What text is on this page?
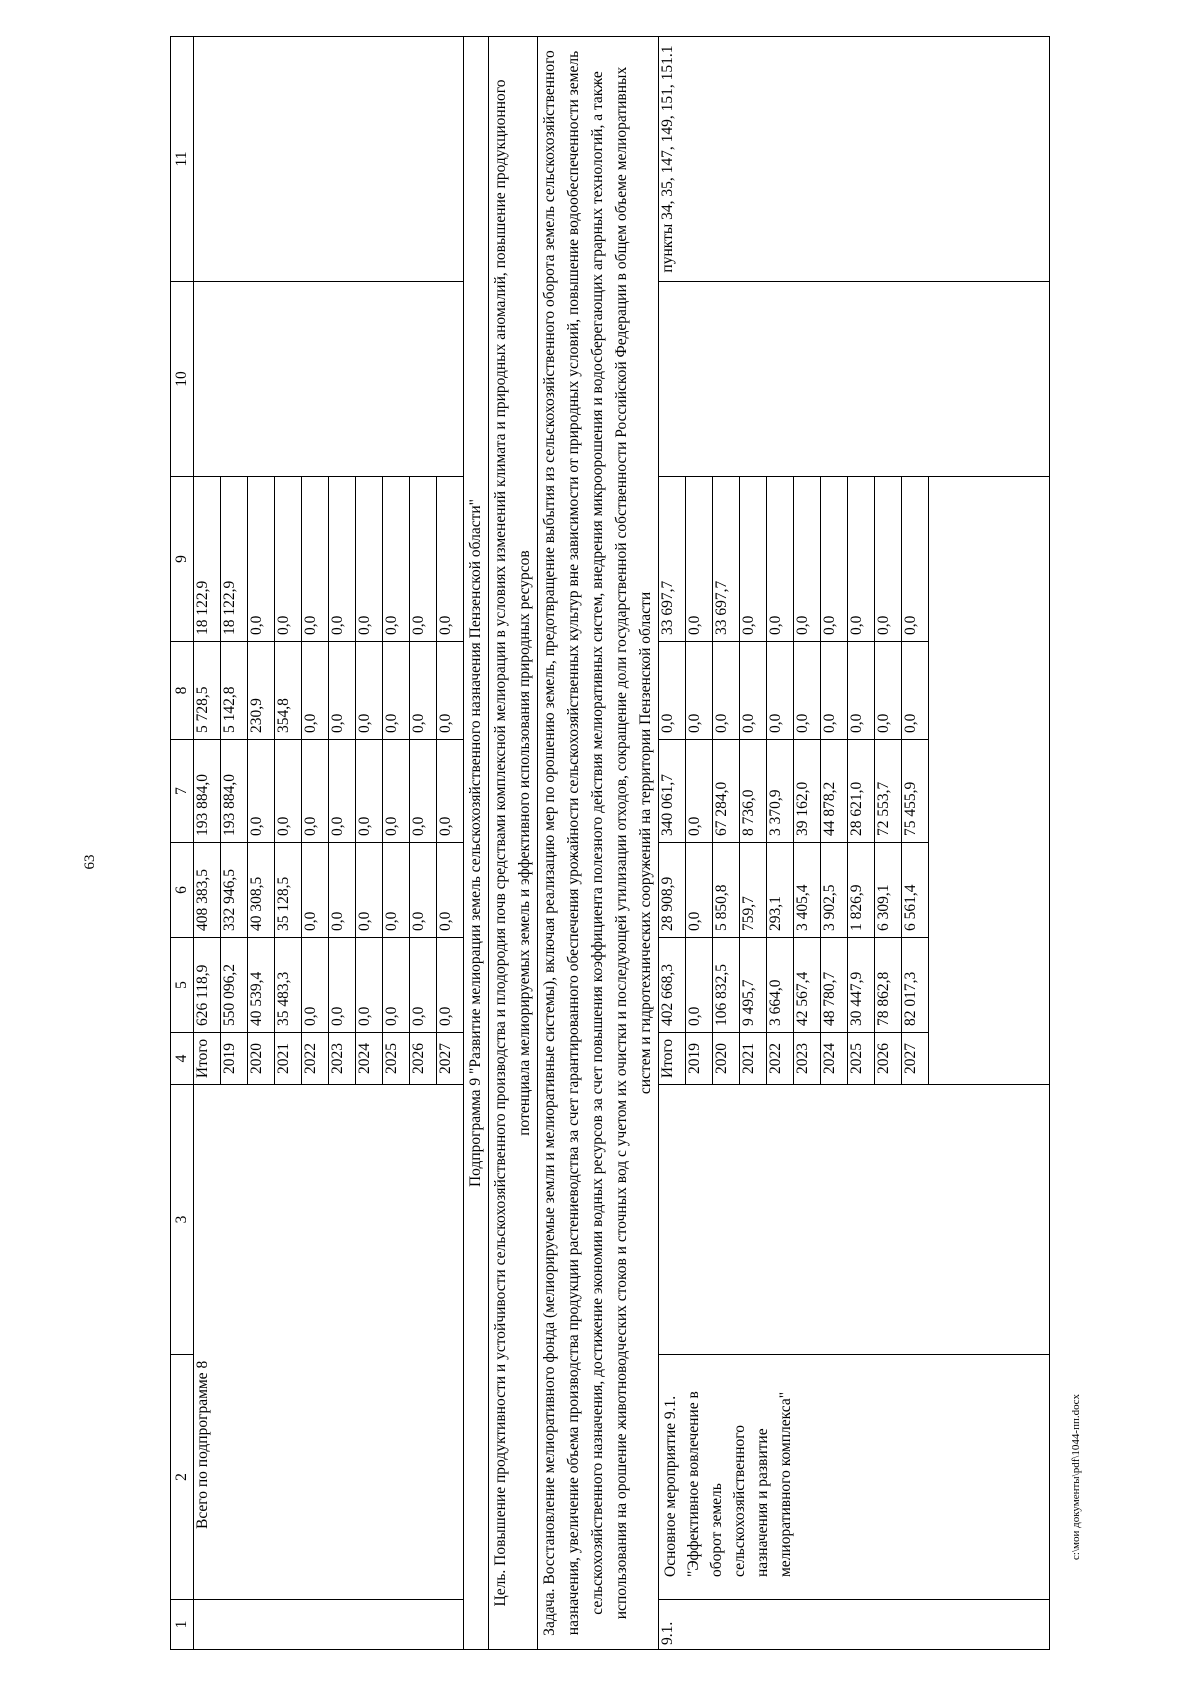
63
1	2	3	4	5	6	7	8	9	10	11
	Всего по подпрограмме 8		Итого	626 118,9	408 383,5	193 884,0	5 728,5	18 122,9		
			2019	550 096,2	332 946,5	193 884,0	5 142,8	18 122,9		
			2020	40 539,4	40 308,5	0,0	230,9	0,0		
			2021	35 483,3	35 128,5	0,0	354,8	0,0		
			2022	0,0	0,0	0,0	0,0	0,0		
			2023	0,0	0,0	0,0	0,0	0,0		
			2024	0,0	0,0	0,0	0,0	0,0		
			2025	0,0	0,0	0,0	0,0	0,0		
			2026	0,0	0,0	0,0	0,0	0,0		
			2027	0,0	0,0	0,0	0,0	0,0		
Подпрограмма 9 "Развитие мелиорации земель сельскохозяйственного назначения Пензенской области"										
Цель. Повышение продуктивности и устойчивости сельскохозяйственного производства и плодородия почв средствами комплексной мелиорации в условиях изменений климата и природных аномалий, повышение продукционного потенциала мелиорируемых земель и эффективного использования природных ресурсов										
Задача. Восстановление мелиоративного фонда (мелиорируемые земли и мелиоративные системы), включая реализацию мер по орошению земель, предотвращение выбытия из сельскохозяйственного оборота земель сельскохозяйственного назначения, увеличение объема производства продукции растениеводства за счет гарантированного обеспечения урожайности сельскохозяйственных культур вне зависимости от природных условий, повышение водообеспеченности земель сельскохозяйственного назначения, достижение экономии водных ресурсов за счет повышения коэффициента полезного действия мелиоративных систем, внедрения микроорошения и водосберегающих аграрных технологий, а также использования на орошение животноводческих стоков и сточных вод с учетом их очистки и последующей утилизации отходов, сокращение доли государственной собственности Российской Федерации в общем объеме мелиоративных систем и гидротехнических сооружений на территории Пензенской области										
9.1.	Основное мероприятие 9.1. "Эффективное вовлечение в оборот земель сельскохозяйственного назначения и развитие мелиоративного комплекса"		Итого	402 668,3	28 908,9	340 061,7	0,0	33 697,7		пункты 34, 35, 147, 149, 151, 151.1
			2019	0,0	0,0	0,0	0,0	0,0		
			2020	106 832,5	5 850,8	67 284,0	0,0	33 697,7		
			2021	9 495,7	759,7	8 736,0	0,0	0,0		
			2022	3 664,0	293,1	3 370,9	0,0	0,0		
			2023	42 567,4	3 405,4	39 162,0	0,0	0,0		
			2024	48 780,7	3 902,5	44 878,2	0,0	0,0		
			2025	30 447,9	1 826,9	28 621,0	0,0	0,0		
			2026	78 862,8	6 309,1	72 553,7	0,0	0,0		
			2027	82 017,3	6 561,4	75 455,9	0,0	0,0		

c:\мои документы\pdf\1044-пп.docx
